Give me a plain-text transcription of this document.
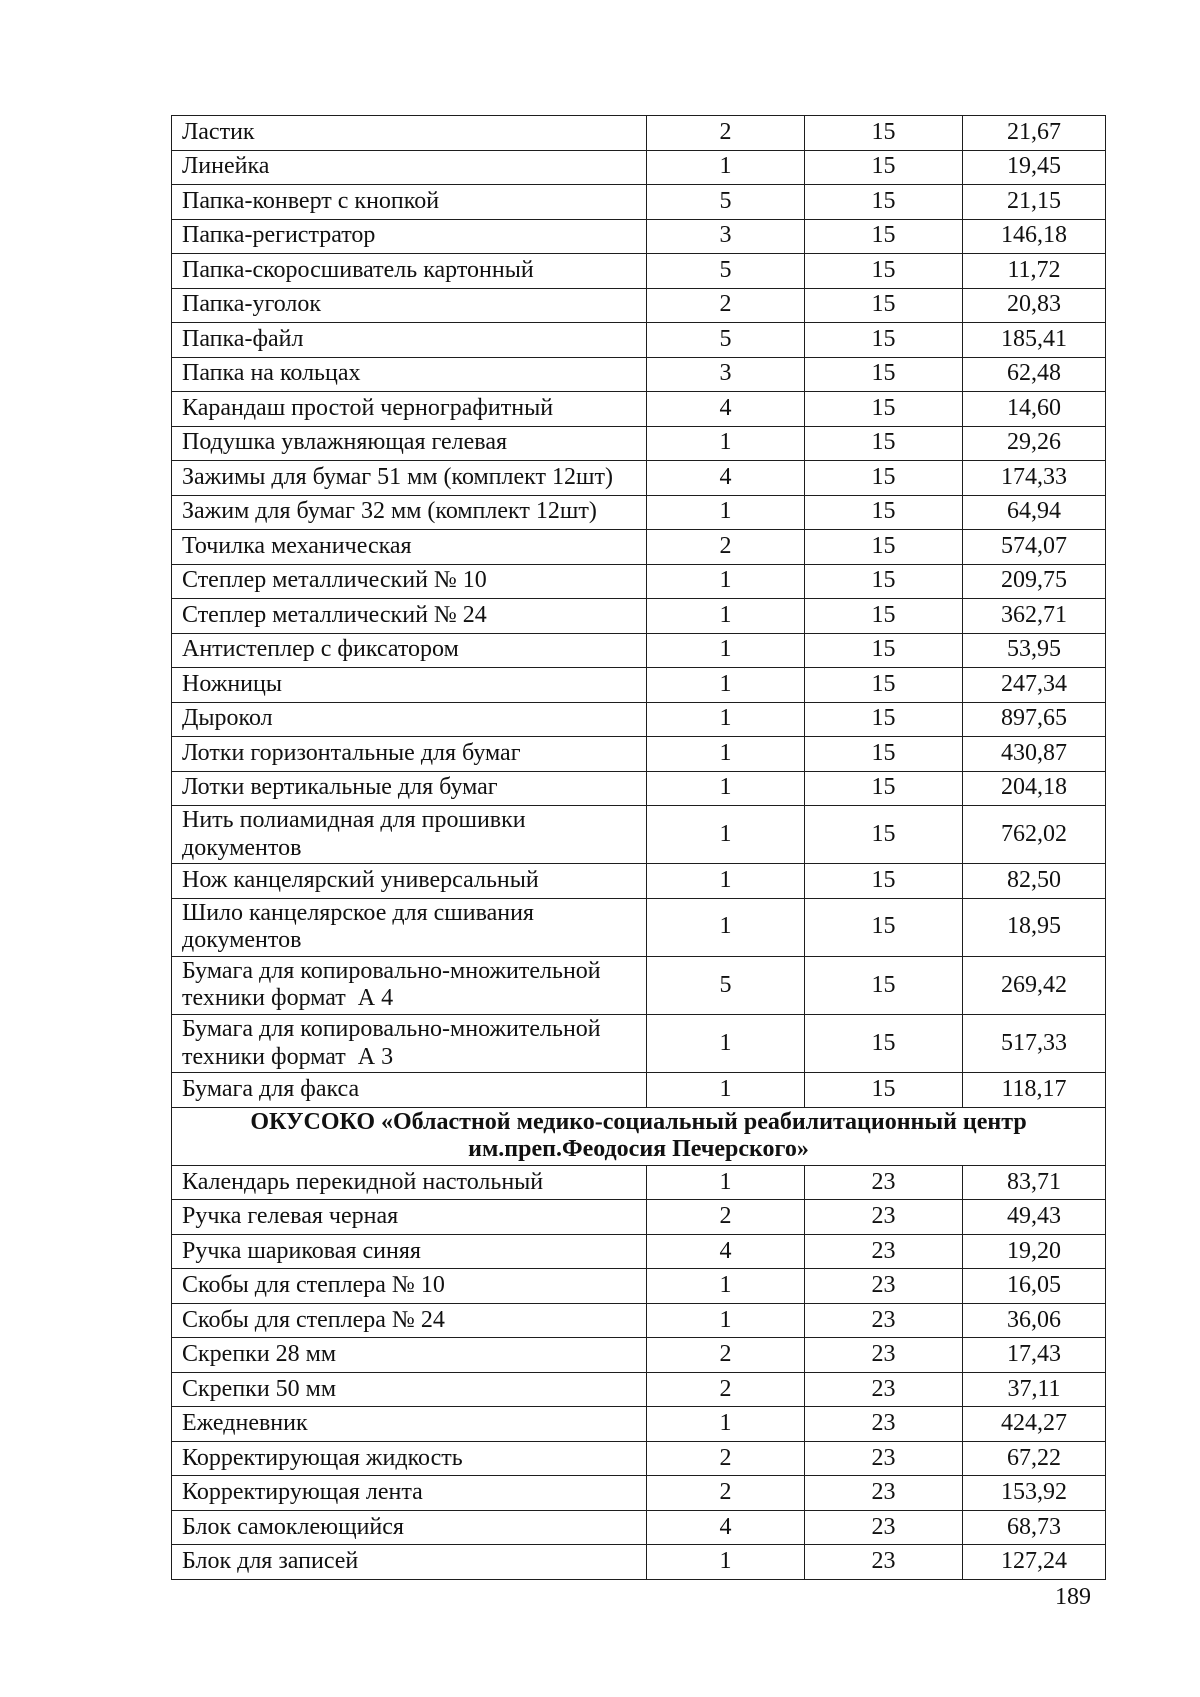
Ластик	2	15	21,67
Линейка	1	15	19,45
Папка-конверт с кнопкой	5	15	21,15
Папка-регистратор	3	15	146,18
Папка-скоросшиватель картонный	5	15	11,72
Папка-уголок	2	15	20,83
Папка-файл	5	15	185,41
Папка на кольцах	3	15	62,48
Карандаш простой чернографитный	4	15	14,60
Подушка увлажняющая гелевая	1	15	29,26
Зажимы для бумаг 51 мм (комплект 12шт)	4	15	174,33
Зажим для бумаг 32 мм (комплект 12шт)	1	15	64,94
Точилка механическая	2	15	574,07
Степлер металлический № 10	1	15	209,75
Степлер металлический № 24	1	15	362,71
Антистеплер с фиксатором	1	15	53,95
Ножницы	1	15	247,34
Дырокол	1	15	897,65
Лотки горизонтальные для бумаг	1	15	430,87
Лотки вертикальные для бумаг	1	15	204,18
Нить полиамидная для прошивки документов	1	15	762,02
Нож канцелярский универсальный	1	15	82,50
Шило канцелярское для сшивания документов	1	15	18,95
Бумага для копировально-множительной техники формат  А 4	5	15	269,42
Бумага для копировально-множительной техники формат  А 3	1	15	517,33
Бумага для факса	1	15	118,17
ОКУСОКО «Областной медико-социальный реабилитационный центр им.преп.Феодосия Печерского»			
Календарь перекидной настольный	1	23	83,71
Ручка гелевая черная	2	23	49,43
Ручка шариковая синяя	4	23	19,20
Скобы для степлера № 10	1	23	16,05
Скобы для степлера № 24	1	23	36,06
Скрепки 28 мм	2	23	17,43
Скрепки 50 мм	2	23	37,11
Ежедневник	1	23	424,27
Корректирующая жидкость	2	23	67,22
Корректирующая лента	2	23	153,92
Блок самоклеющийся	4	23	68,73
Блок для записей	1	23	127,24
189
